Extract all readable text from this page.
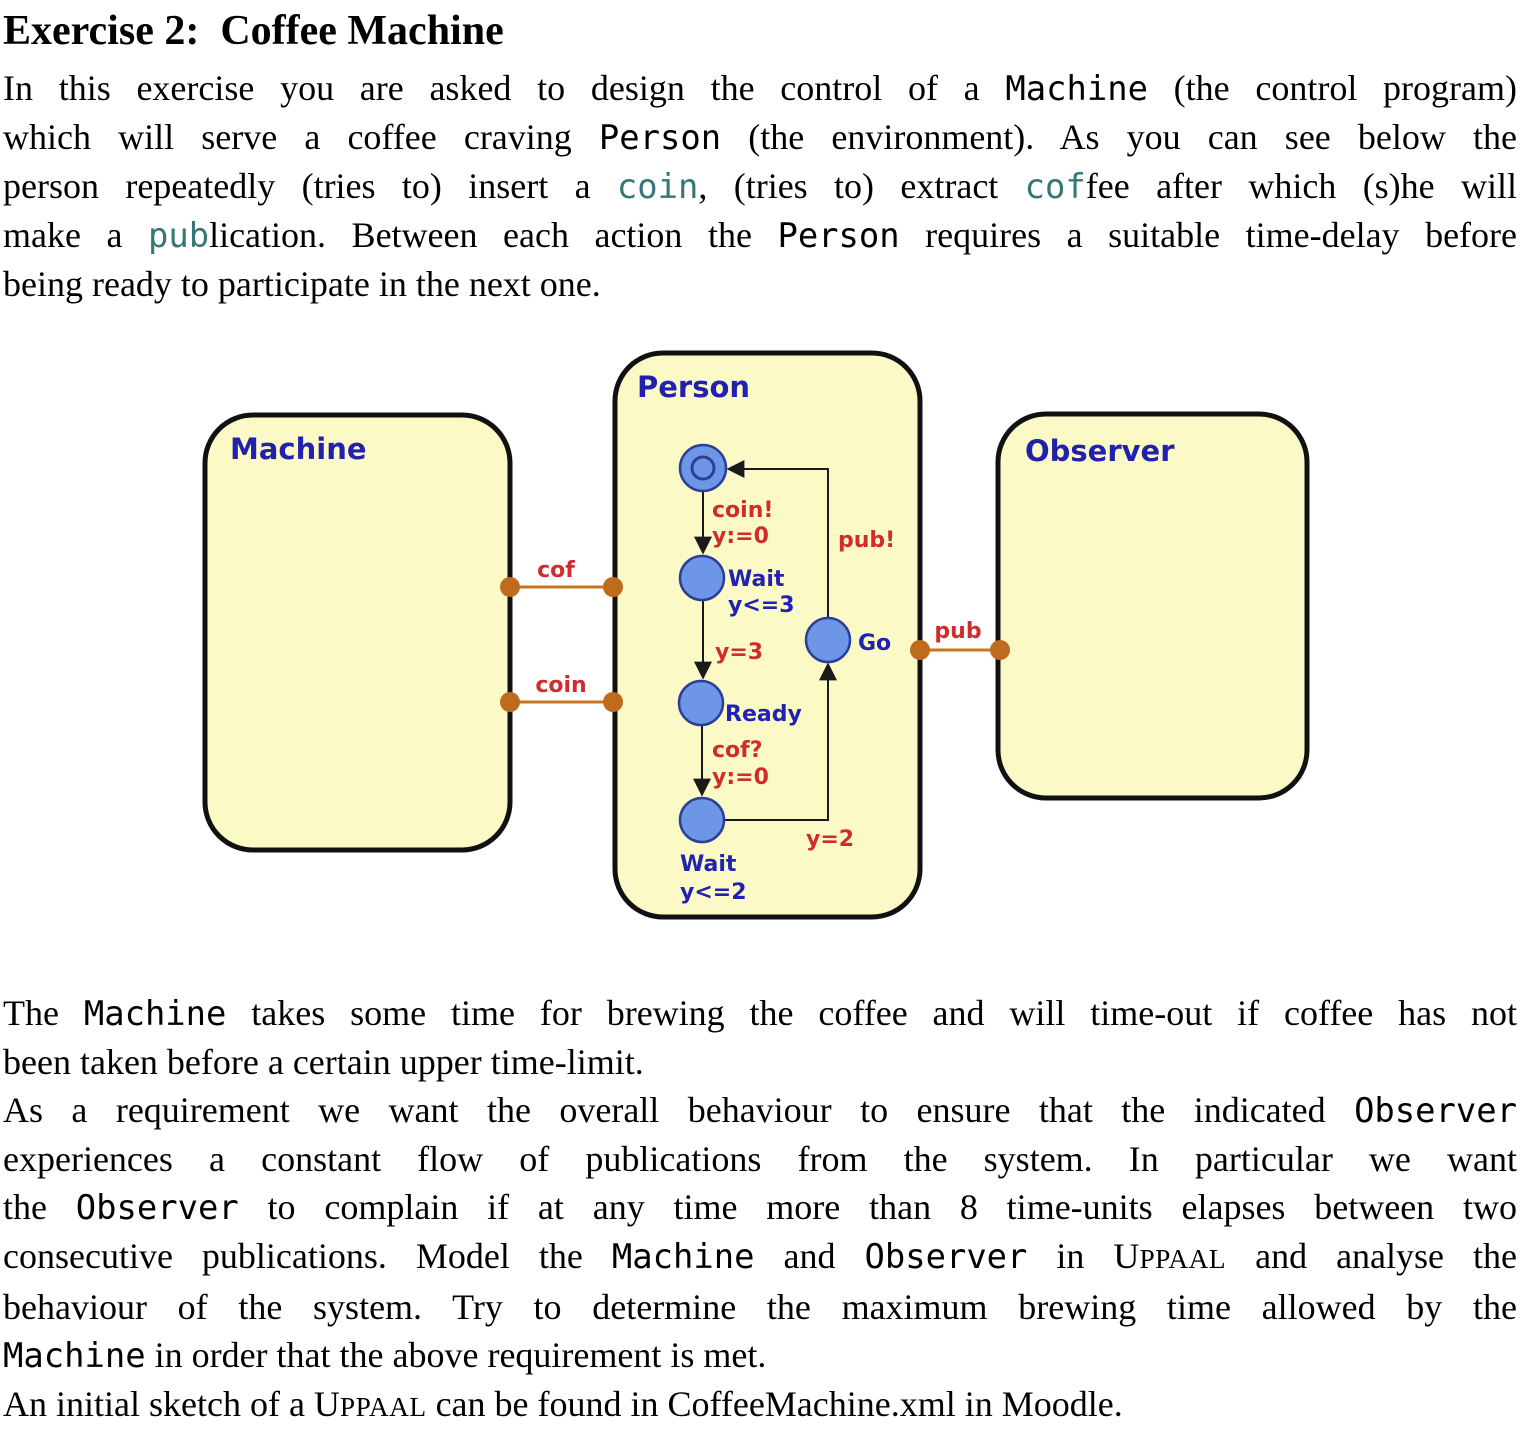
Exercise 2:  Coffee Machine
In this exercise you are asked to design the control of a Machine (the control program)
which will serve a coffee craving Person (the environment). As you can see below the
person repeatedly (tries to) insert a coin, (tries to) extract coffee after which (s)he will
make a publication. Between each action the Person requires a suitable time-delay before
being ready to participate in the next one.
Machine
Person
Observer
cof
coin
pub
coin!
y:=0
Wait
y<=3
y=3
pub!
Go
Ready
cof?
y:=0
y=2
Wait
y<=2
The Machine takes some time for brewing the coffee and will time-out if coffee has not
been taken before a certain upper time-limit.
As a requirement we want the overall behaviour to ensure that the indicated Observer
experiences a constant flow of publications from the system. In particular we want
the Observer to complain if at any time more than 8 time-units elapses between two
consecutive publications. Model the Machine and Observer in UPPAAL and analyse the
behaviour of the system. Try to determine the maximum brewing time allowed by the
Machine in order that the above requirement is met.
An initial sketch of a UPPAAL can be found in CoffeeMachine.xml in Moodle.
